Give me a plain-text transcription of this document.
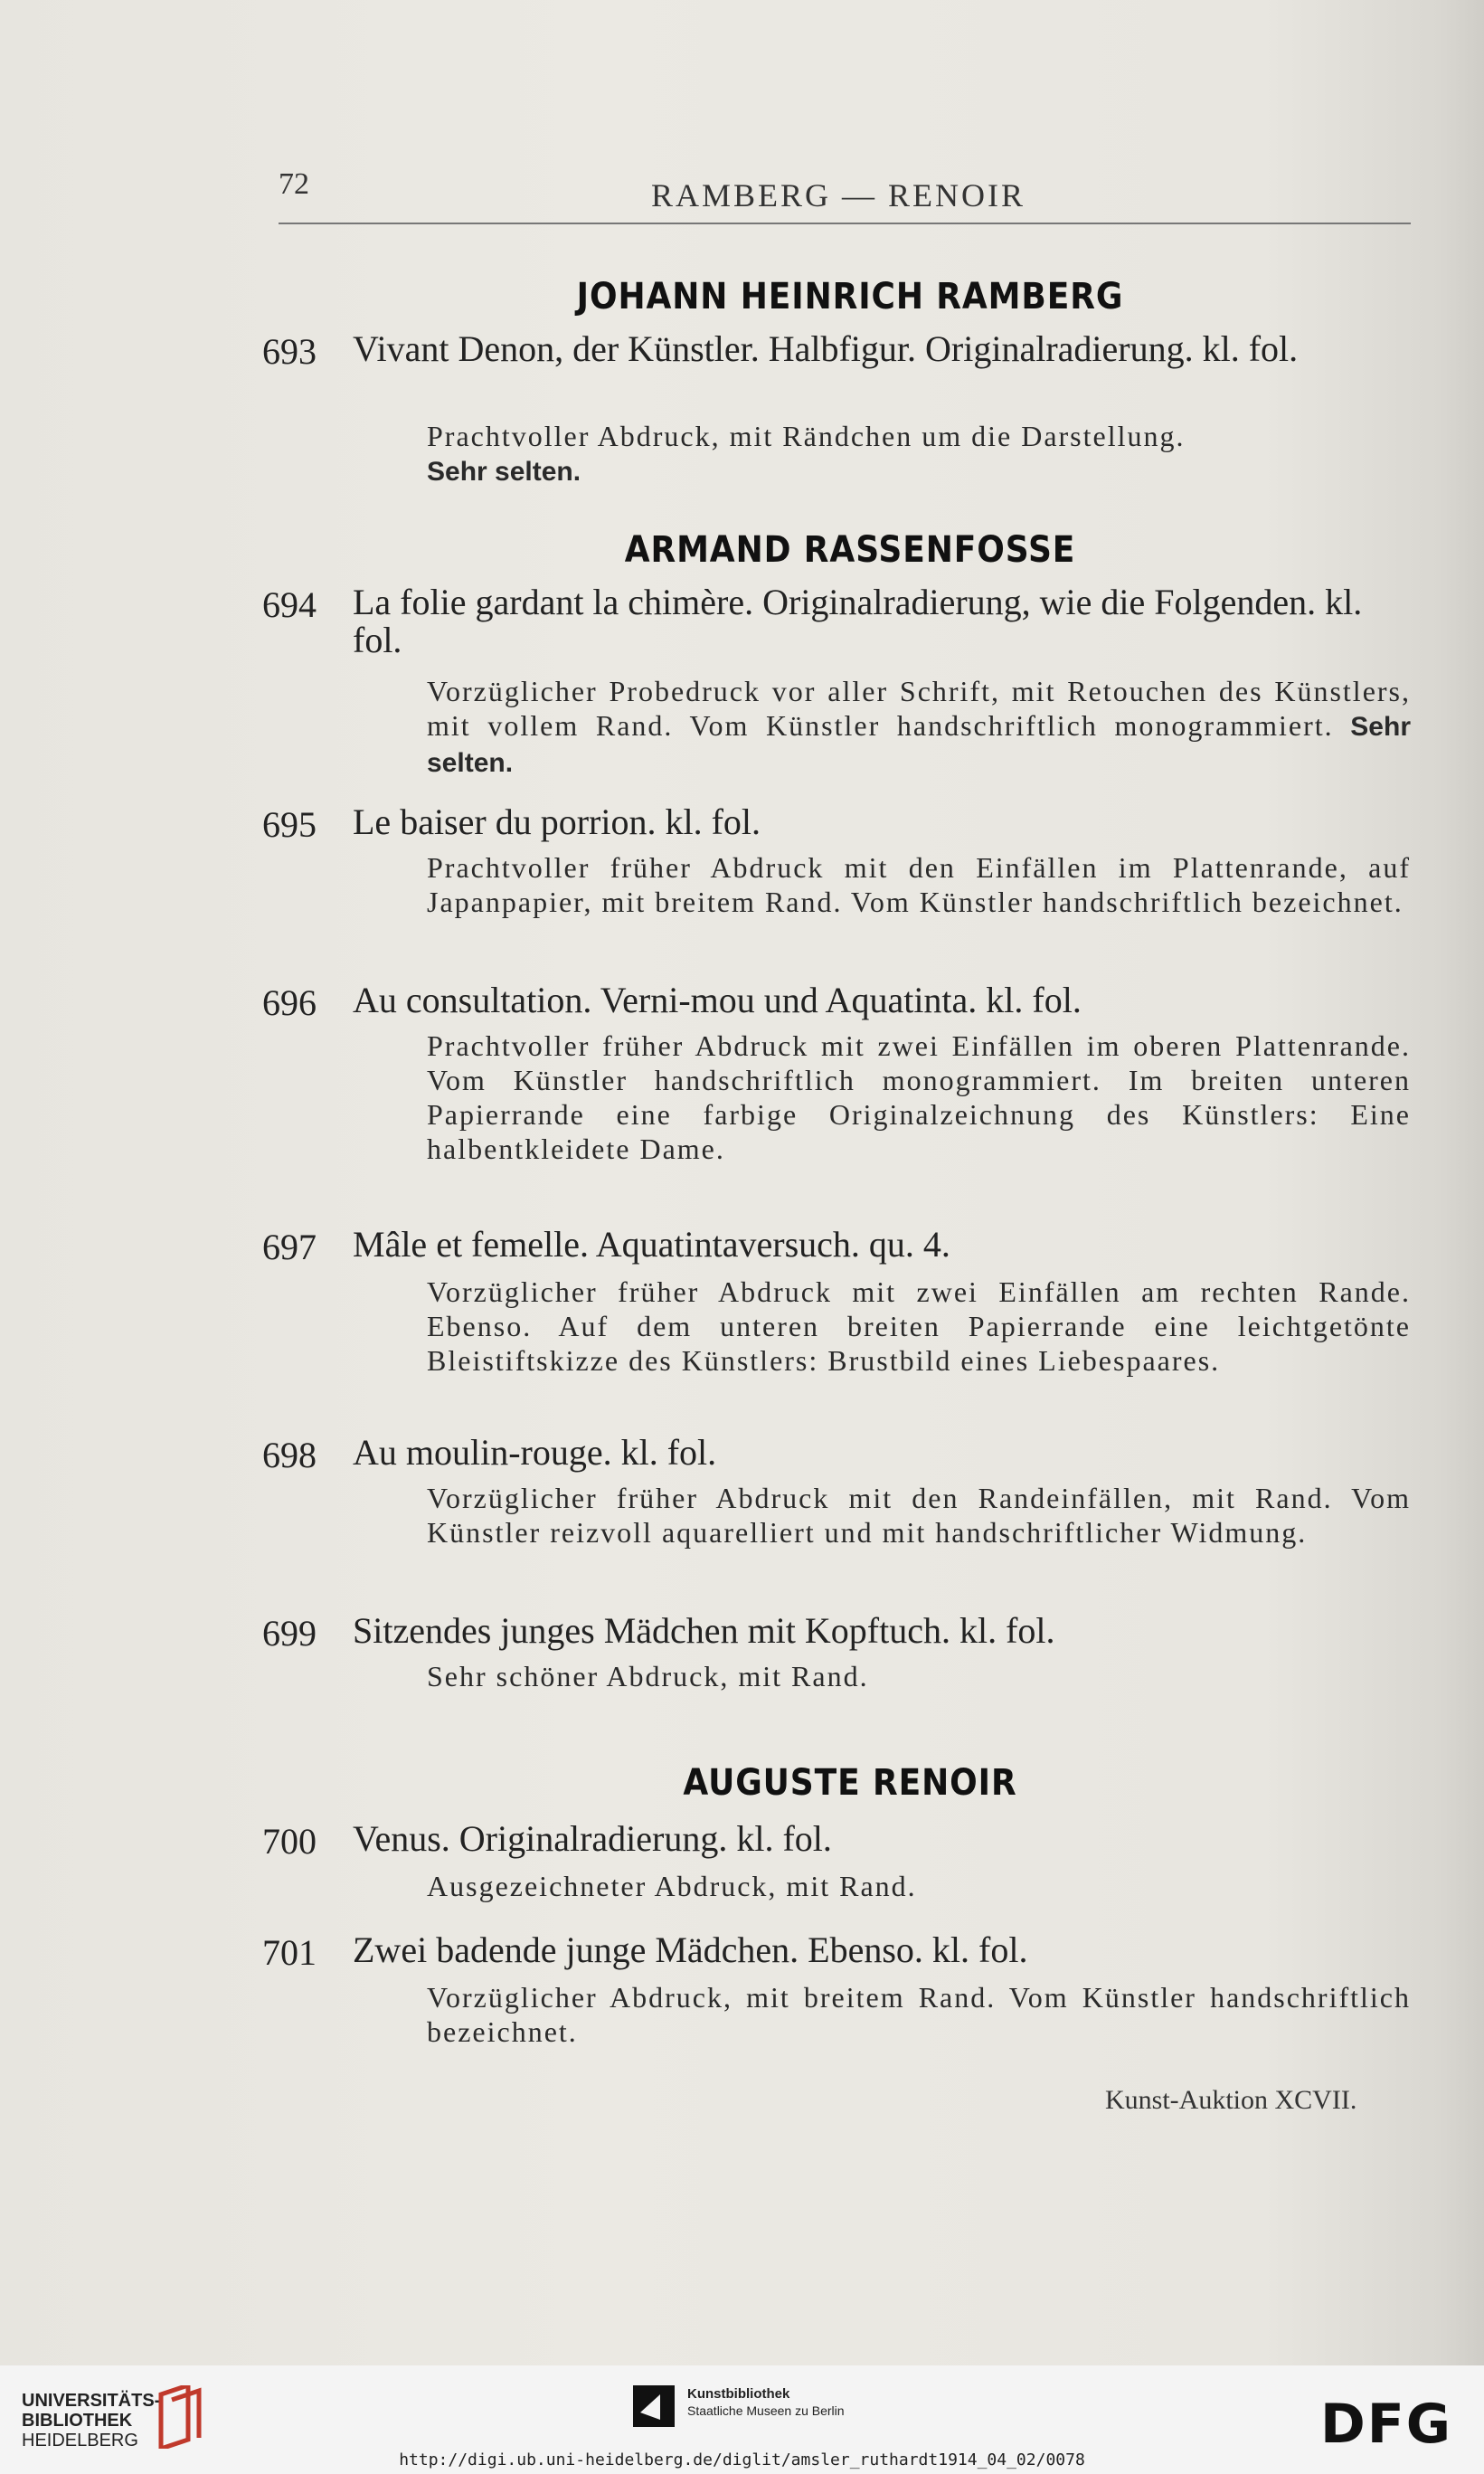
72	RAMBERG — RENOIR
JOHANN HEINRICH RAMBERG
693 Vivant Denon, der Künstler. Halbfigur. Originalradierung. kl. fol.
Prachtvoller Abdruck, mit Rändchen um die Darstellung.
Sehr selten.
ARMAND RASSENFOSSE
694 La folie gardant la chimère. Originalradierung, wie die Folgenden. kl. fol.
Vorzüglicher Probedruck vor aller Schrift, mit Retouchen des Künstlers, mit vollem Rand. Vom Künstler handschriftlich monogrammiert. Sehr selten.
695 Le baiser du porrion. kl. fol.
Prachtvoller früher Abdruck mit den Einfällen im Plattenrande, auf Japanpapier, mit breitem Rand. Vom Künstler handschriftlich bezeichnet.
696 Au consultation. Verni-mou und Aquatinta. kl. fol.
Prachtvoller früher Abdruck mit zwei Einfällen im oberen Plattenrande. Vom Künstler handschriftlich monogrammiert. Im breiten unteren Papierrande eine farbige Originalzeichnung des Künstlers: Eine halbentkleidete Dame.
697 Mâle et femelle. Aquatintaversuch. qu. 4.
Vorzüglicher früher Abdruck mit zwei Einfällen am rechten Rande. Ebenso. Auf dem unteren breiten Papierrande eine leichtgetönte Bleistiftskizze des Künstlers: Brustbild eines Liebespaares.
698 Au moulin-rouge. kl. fol.
Vorzüglicher früher Abdruck mit den Randeinfällen, mit Rand. Vom Künstler reizvoll aquarelliert und mit handschriftlicher Widmung.
699 Sitzendes junges Mädchen mit Kopftuch. kl. fol.
Sehr schöner Abdruck, mit Rand.
AUGUSTE RENOIR
700 Venus. Originalradierung. kl. fol.
Ausgezeichneter Abdruck, mit Rand.
701 Zwei badende junge Mädchen. Ebenso. kl. fol.
Vorzüglicher Abdruck, mit breitem Rand. Vom Künstler handschriftlich bezeichnet.
Kunst-Auktion XCVII.
UNIVERSITÄTS-
BIBLIOTHEK
HEIDELBERG
Kunstbibliothek
Staatliche Museen zu Berlin	DFG
http://digi.ub.uni-heidelberg.de/diglit/amsler_ruthardt1914_04_02/0078
